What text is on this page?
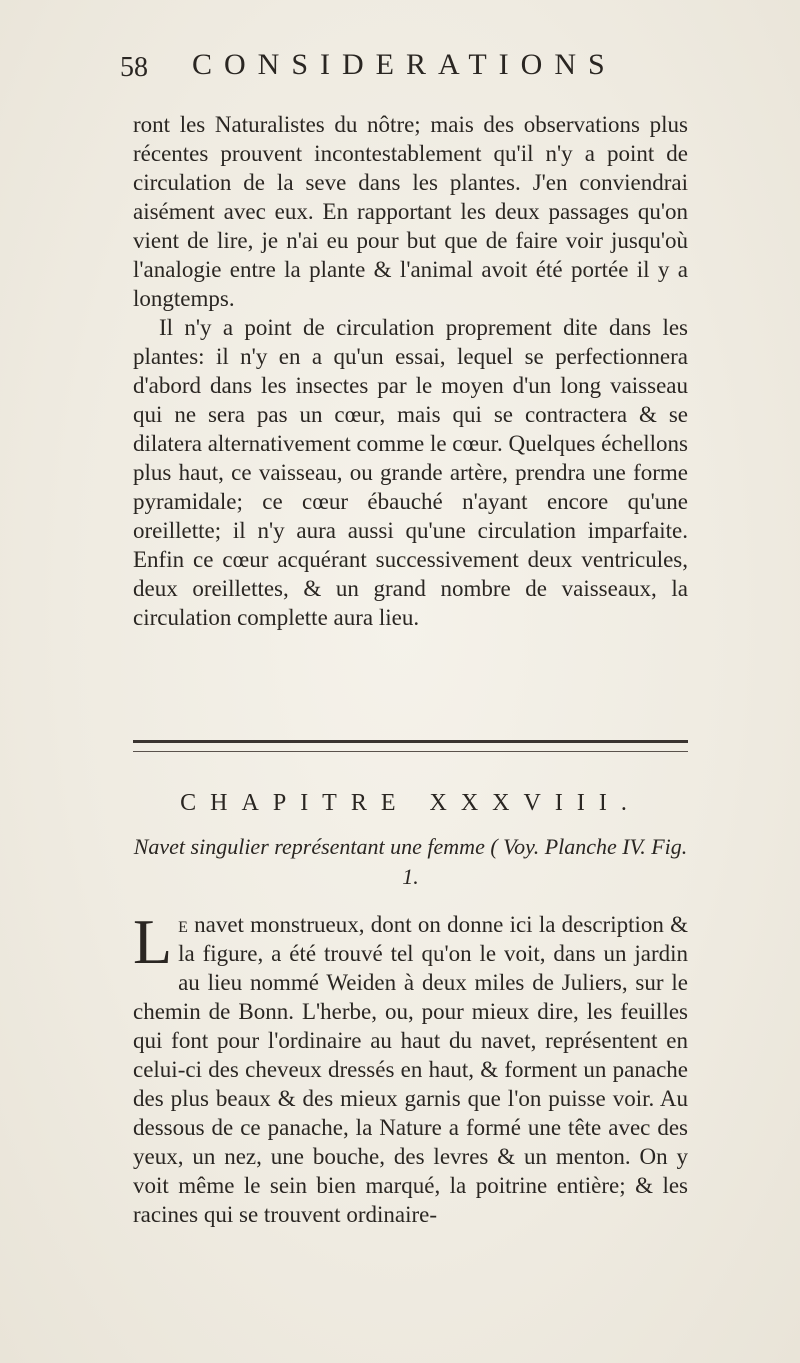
58 CONSIDERATIONS

ront les Naturalistes du nôtre; mais des observations plus récentes prouvent incontestablement qu'il n'y a point de circulation de la seve dans les plantes. J'en conviendrai aisément avec eux. En rapportant les deux passages qu'on vient de lire, je n'ai eu pour but que de faire voir jusqu'où l'analogie entre la plante & l'animal avoit été portée il y a longtemps.

Il n'y a point de circulation proprement dite dans les plantes: il n'y en a qu'un essai, lequel se perfectionnera d'abord dans les insectes par le moyen d'un long vaisseau qui ne sera pas un cœur, mais qui se contractera & se dilatera alternativement comme le cœur. Quelques échellons plus haut, ce vaisseau, ou grande artère, prendra une forme pyramidale; ce cœur ébauché n'ayant encore qu'une oreillette; il n'y aura aussi qu'une circulation imparfaite. Enfin ce cœur acquérant successivement deux ventricules, deux oreillettes, & un grand nombre de vaisseaux, la circulation complette aura lieu.

CHAPITRE XXXVIII.
Navet singulier représentant une femme ( Voy. Planche IV. Fig. 1.
Le navet monstrueux, dont on donne ici la description & la figure, a été trouvé tel qu'on le voit, dans un jardin au lieu nommé Weiden à deux miles de Juliers, sur le chemin de Bonn. L'herbe, ou, pour mieux dire, les feuilles qui font pour l'ordinaire au haut du navet, représentent en celui-ci des cheveux dressés en haut, & forment un panache des plus beaux & des mieux garnis que l'on puisse voir. Au dessous de ce panache, la Nature a formé une tête avec des yeux, un nez, une bouche, des levres & un menton. On y voit même le sein bien marqué, la poitrine entière; & les racines qui se trouvent ordinaire-
